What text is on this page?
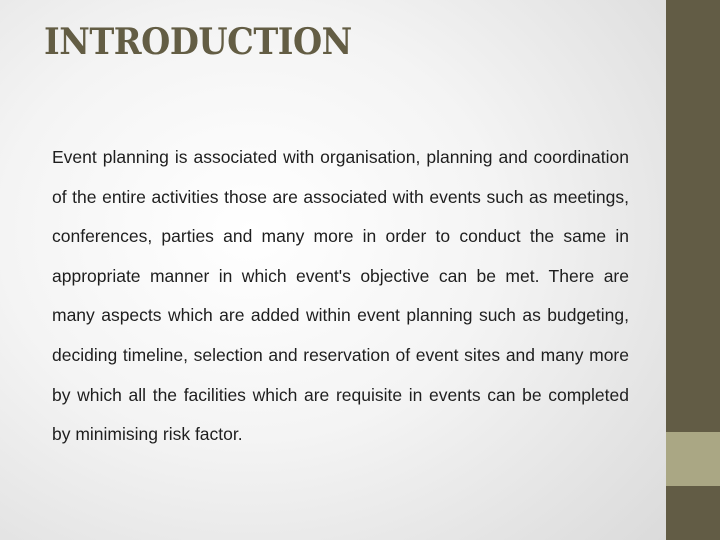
INTRODUCTION

Event planning is associated with organisation, planning and coordination of the entire activities those are associated with events such as meetings, conferences, parties and many more in order to conduct the same in appropriate manner in which event's objective can be met. There are many aspects which are added within event planning such as budgeting, deciding timeline, selection and reservation of event sites and many more by which all the facilities which are requisite in events can be completed by minimising risk factor.
